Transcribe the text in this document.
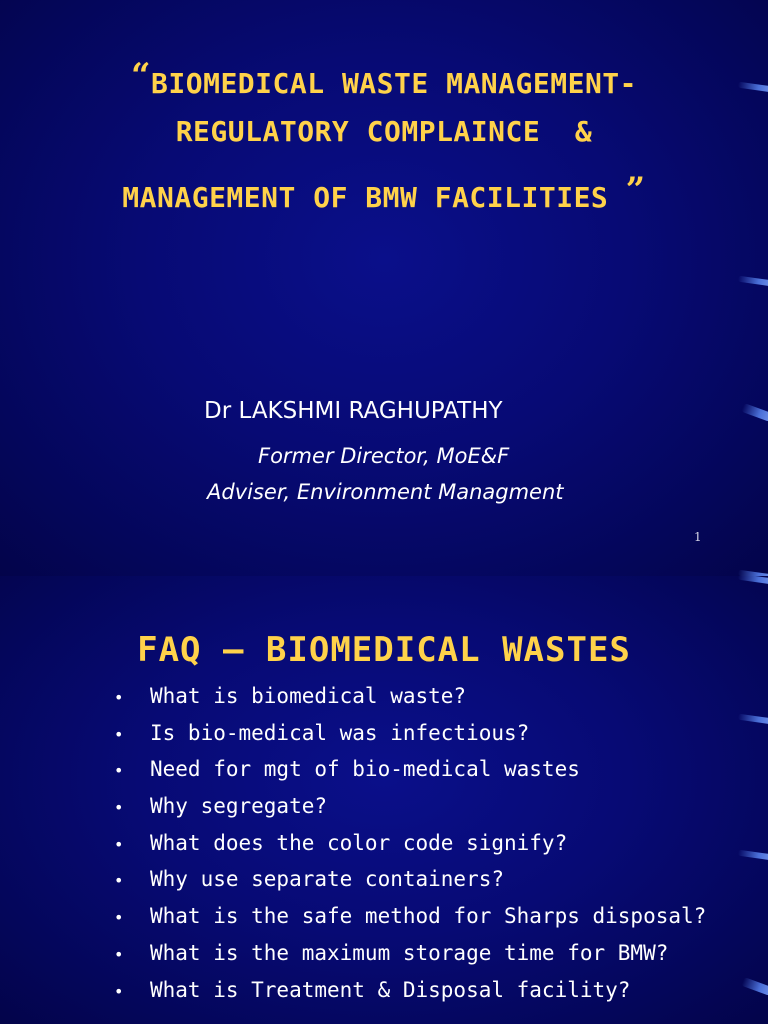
“BIOMEDICAL WASTE MANAGEMENT-
REGULATORY COMPLAINCE  &
MANAGEMENT OF BMW FACILITIES ”
Dr LAKSHMI RAGHUPATHY
Former Director, MoE&F
Adviser, Environment Managment
1
FAQ – BIOMEDICAL WASTES
•	What is biomedical waste?
•	Is bio-medical was infectious?
•	Need for mgt of bio-medical wastes
•	Why segregate?
•	What does the color code signify?
•	Why use separate containers?
•	What is the safe method for Sharps disposal?
•	What is the maximum storage time for BMW?
•	What is Treatment & Disposal facility?
